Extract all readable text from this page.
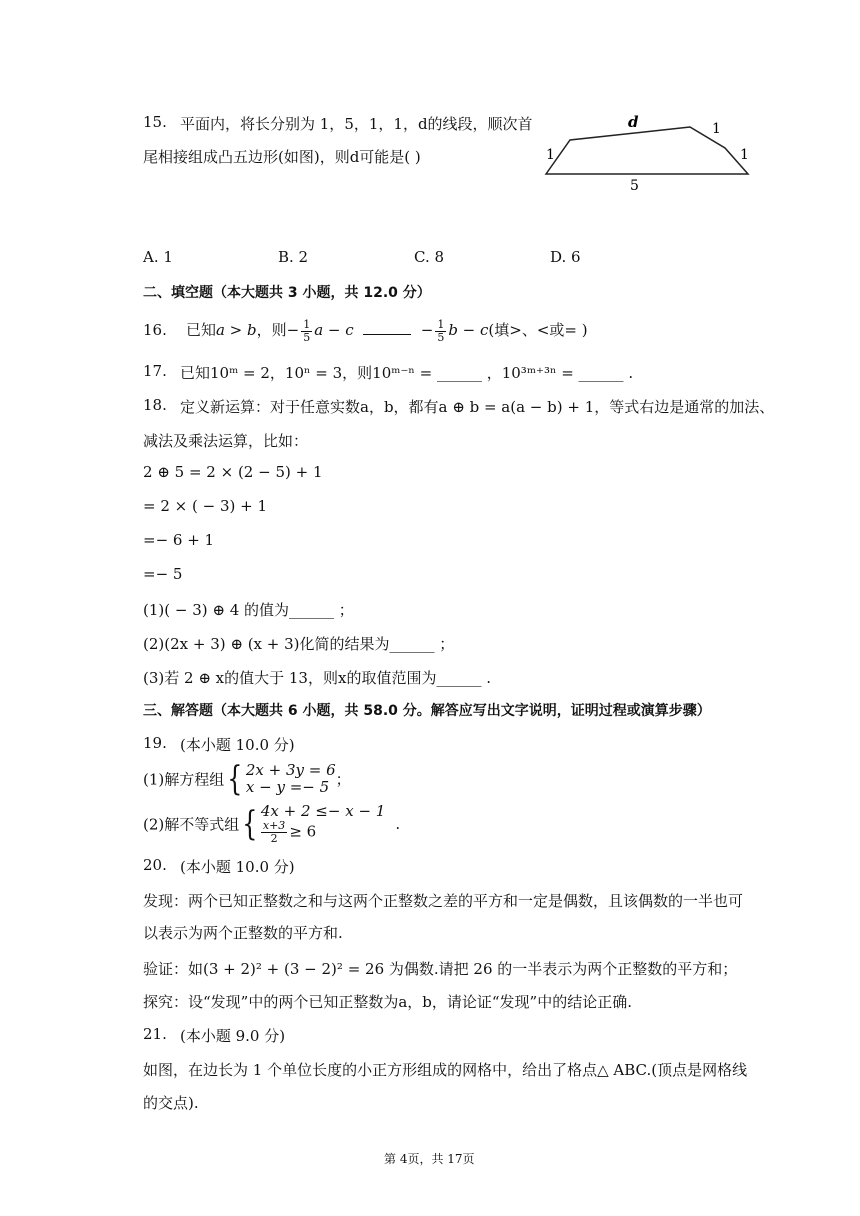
15. 平面内，将长分别为 1，5，1，1，d的线段，顺次首
尾相接组成凸五边形(如图)，则d可能是( )
d	1
1
1
5
A. 1	B. 2	C. 8	D. 6
二、填空题（本大题共 3 小题，共 12.0 分）
16. 已知a > b，则− $\frac{1}{5}$ a − c	− $\frac{1}{5}$ b − c(填>、<或= )
17. 已知10ᵐ = 2，10ⁿ = 3，则10ᵐ⁻ⁿ = ______ ，10³ᵐ⁺³ⁿ = ______ .
18. 定义新运算：对于任意实数a，b，都有a ⊕ b = a(a − b) + 1，等式右边是通常的加法、
减法及乘法运算，比如：
2 ⊕ 5 = 2 × (2 − 5) + 1
= 2 × ( − 3) + 1
=− 6 + 1
=− 5
(1)( − 3) ⊕ 4 的值为______ ；
(2)(2x + 3) ⊕ (x + 3)化简的结果为______ ；
(3)若 2 ⊕ x的值大于 13，则x的取值范围为______ .
三、解答题（本大题共 6 小题，共 58.0 分。解答应写出文字说明，证明过程或演算步骤）
19. (本小题 10.0 分)
(1)解方程组{ 2x + 3y = 6
x − y =− 5 ；
(2)解不等式组{ 4x + 2 ≤− x − 1
$\frac{x+3}{2} \ge 6$	.
20. (本小题 10.0 分)
发现：两个已知正整数之和与这两个正整数之差的平方和一定是偶数，且该偶数的一半也可
以表示为两个正整数的平方和.
验证：如(3 + 2)² + (3 − 2)² = 26 为偶数.请把 26 的一半表示为两个正整数的平方和；
探究：设“发现”中的两个已知正整数为a，b，请论证“发现”中的结论正确.
21. (本小题 9.0 分)
如图，在边长为 1 个单位长度的小正方形组成的网格中，给出了格点△ ABC.(顶点是网格线
的交点).
第 4页，共 17页
